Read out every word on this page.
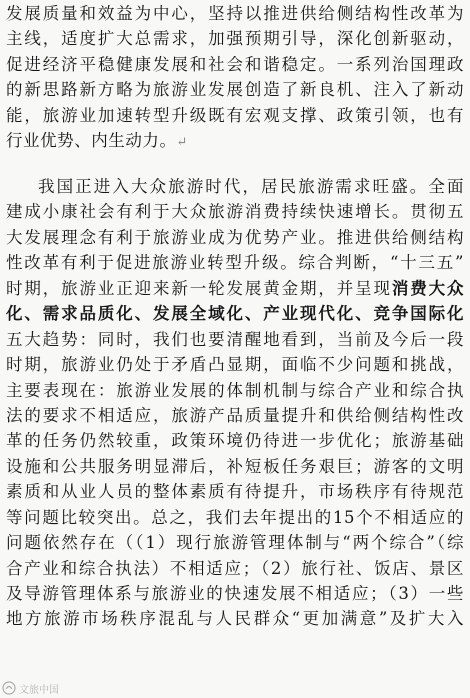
发展质量和效益为中心，坚持以推进供给侧结构性改革为
主线，适度扩大总需求，加强预期引导，深化创新驱动，
促进经济平稳健康发展和社会和谐稳定。一系列治国理政
的新思路新方略为旅游业发展创造了新良机、注入了新动
能，旅游业加速转型升级既有宏观支撑、政策引领，也有
行业优势、内生动力。↵
我国正进入大众旅游时代，居民旅游需求旺盛。全面
建成小康社会有利于大众旅游消费持续快速增长。贯彻五
大发展理念有利于旅游业成为优势产业。推进供给侧结构
性改革有利于促进旅游业转型升级。综合判断，“十三五”
时期，旅游业正迎来新一轮发展黄金期，并呈现消费大众
化、需求品质化、发展全域化、产业现代化、竞争国际化
五大趋势：同时，我们也要清醒地看到，当前及今后一段
时期，旅游业仍处于矛盾凸显期，面临不少问题和挑战，
主要表现在：旅游业发展的体制机制与综合产业和综合执
法的要求不相适应，旅游产品质量提升和供给侧结构性改
革的任务仍然较重，政策环境仍待进一步优化；旅游基础
设施和公共服务明显滞后，补短板任务艰巨；游客的文明
素质和从业人员的整体素质有待提升，市场秩序有待规范
等问题比较突出。总之，我们去年提出的15个不相适应的
问题依然存在（（1）现行旅游管理体制与“两个综合”（综
合产业和综合执法）不相适应；（2）旅行社、饭店、景区
及导游管理体系与旅游业的快速发展不相适应；（3）一些
地方旅游市场秩序混乱与人民群众“更加满意”及扩大入
文旅中国
